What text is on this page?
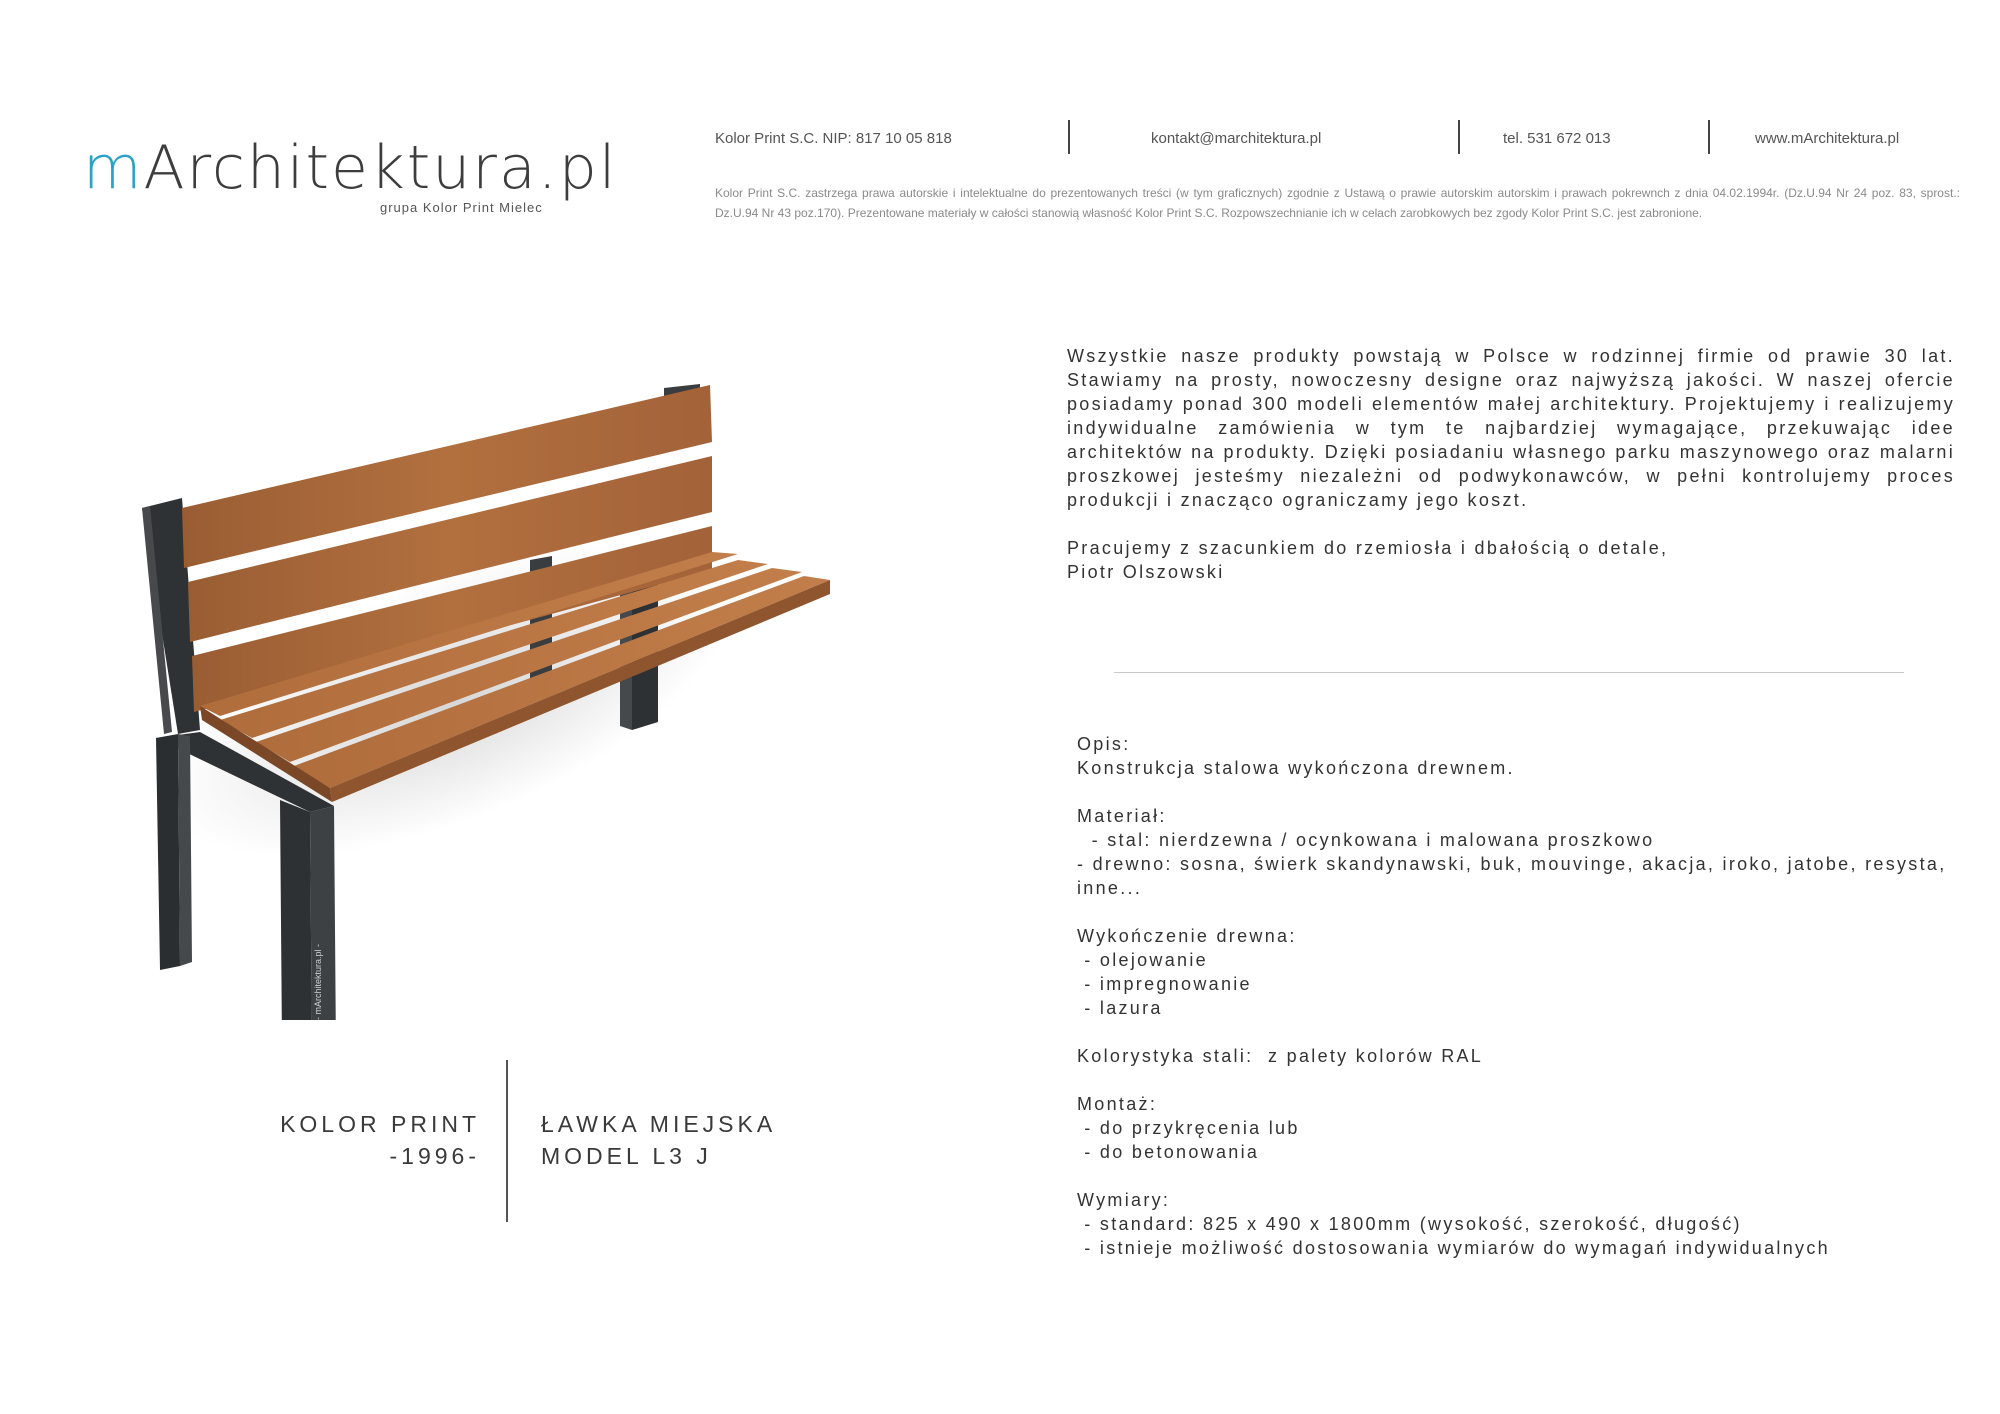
mArchitektura.pl
grupa Kolor Print Mielec
Kolor Print S.C. NIP: 817 10 05 818	kontakt@marchitektura.pl	tel. 531 672 013	www.mArchitektura.pl
Kolor Print S.C. zastrzega prawa autorskie i intelektualne do prezentowanych treści (w tym graficznych) zgodnie z Ustawą o prawie autorskim autorskim i prawach pokrewnch z dnia 04.02.1994r. (Dz.U.94 Nr 24 poz. 83, sprost.: Dz.U.94 Nr 43 poz.170). Prezentowane materiały w całości stanowią własność Kolor Print S.C. Rozpowszechnianie ich w celach zarobkowych bez zgody Kolor Print S.C. jest zabronione.
- mArchitektura.pl -
KOLOR PRINT
-1996-
ŁAWKA MIEJSKA
MODEL L3 J
Wszystkie nasze produkty powstają w Polsce w rodzinnej firmie od prawie 30 lat. Stawiamy na prosty, nowoczesny designe oraz najwyższą jakości. W naszej ofercie posiadamy ponad 300 modeli elementów małej architektury. Projektujemy i realizujemy indywidualne zamówienia w tym te najbardziej wymagające, przekuwając idee architektów na produkty. Dzięki posiadaniu własnego parku maszynowego oraz malarni proszkowej jesteśmy niezależni od podwykonawców, w pełni kontrolujemy proces produkcji i znacząco ograniczamy jego koszt.
Pracujemy z szacunkiem do rzemiosła i dbałością o detale,
Piotr Olszowski
Opis:
Konstrukcja stalowa wykończona drewnem.
Materiał:
- stal: nierdzewna / ocynkowana i malowana proszkowo
- drewno: sosna, świerk skandynawski, buk, mouvinge, akacja, iroko, jatobe, resysta, inne...
Wykończenie drewna:
- olejowanie
- impregnowanie
- lazura
Kolorystyka stali:  z palety kolorów RAL
Montaż:
- do przykręcenia lub
- do betonowania
Wymiary:
- standard: 825 x 490 x 1800mm (wysokość, szerokość, długość)
- istnieje możliwość dostosowania wymiarów do wymagań indywidualnych
